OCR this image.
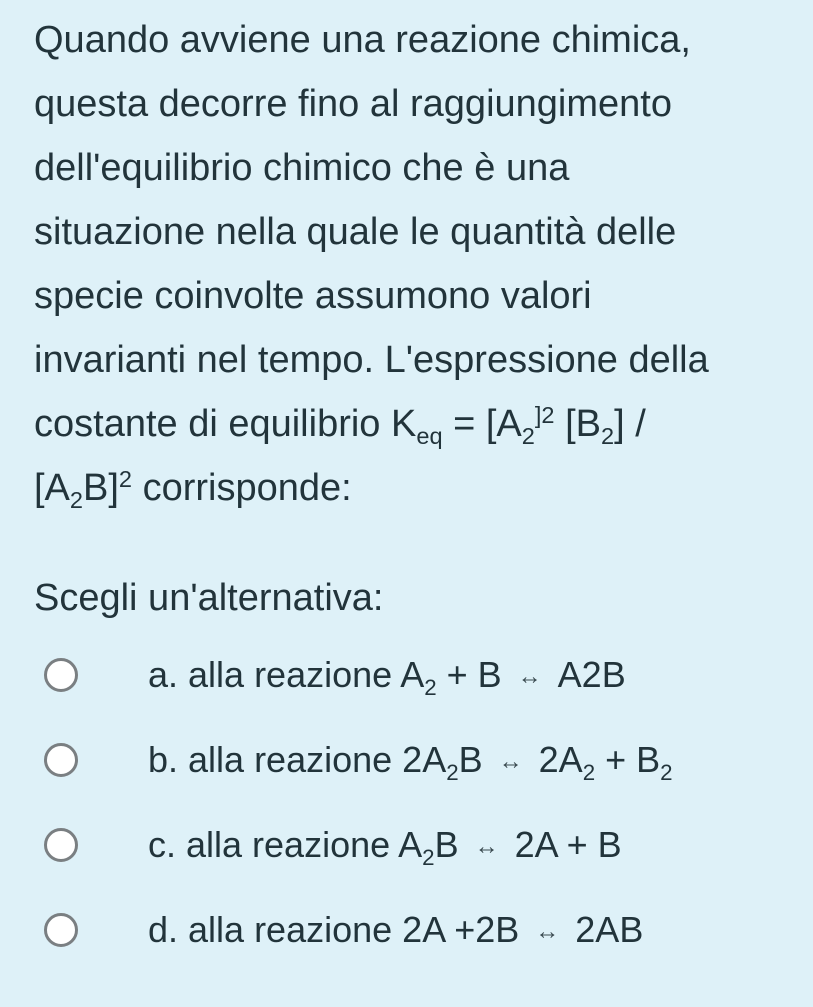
Quando avviene una reazione chimica,
questa decorre fino al raggiungimento
dell'equilibrio chimico che è una
situazione nella quale le quantità delle
specie coinvolte assumono valori
invarianti nel tempo. L'espressione della
costante di equilibrio $K_{eq} = [A_2^{]2}$ $[B_2]$ /
$[A_2B]^2$ corrisponde:
Scegli un'alternativa:
a. alla reazione $A_2 + B$ ↔ A2B
b. alla reazione $2A_2B$ ↔ $2A_2 + B_2$
c. alla reazione $A_2B$ ↔ 2A + B
d. alla reazione 2A +2B ↔ 2AB
